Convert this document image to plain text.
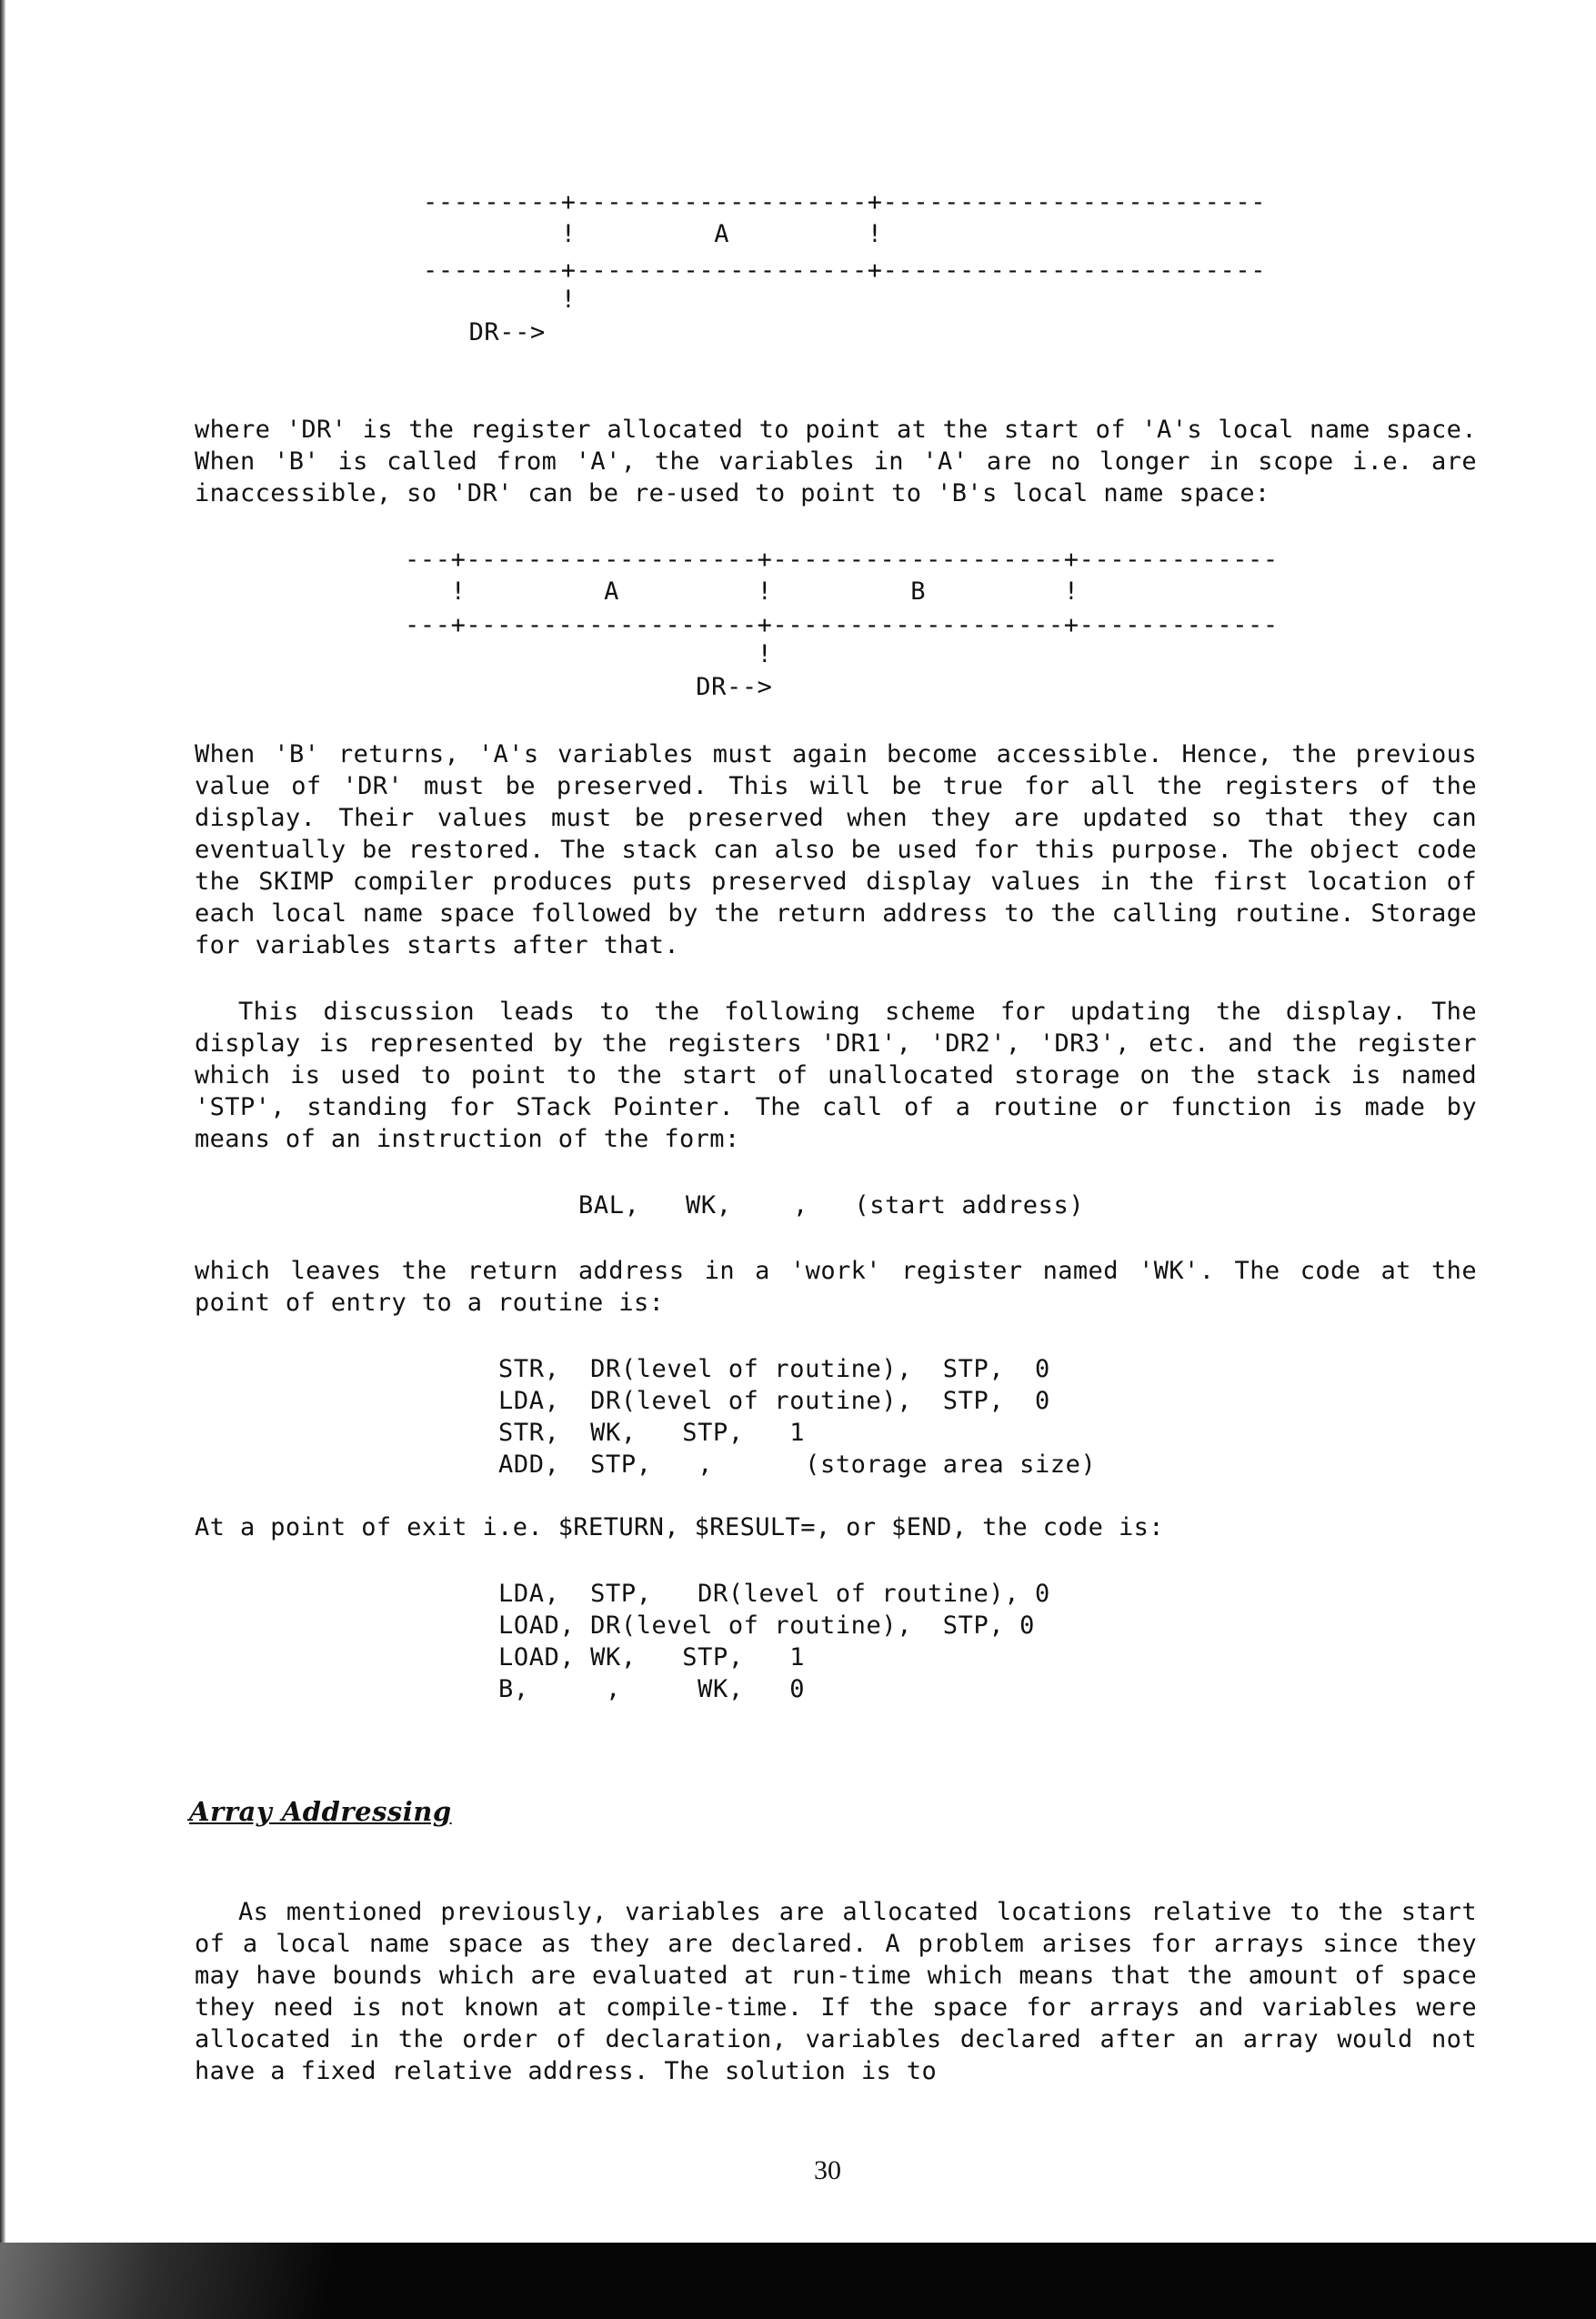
---------+-------------------+-------------------------
!         A         !
---------+-------------------+-------------------------
!
DR-->

where 'DR' is the register allocated to point at the start of 'A's local name space. When 'B' is called from 'A', the variables in 'A' are no longer in scope i.e. are inaccessible, so 'DR' can be re-used to point to 'B's local name space:

---+-------------------+-------------------+-------------
!         A         !         B         !
---+-------------------+-------------------+-------------
!
DR-->

When 'B' returns, 'A's variables must again become accessible. Hence, the previous value of 'DR' must be preserved. This will be true for all the registers of the display. Their values must be preserved when they are updated so that they can eventually be restored. The stack can also be used for this purpose. The object code the SKIMP compiler produces puts preserved display values in the first location of each local name space followed by the return address to the calling routine. Storage for variables starts after that.

This discussion leads to the following scheme for updating the display. The display is represented by the registers 'DR1', 'DR2', 'DR3', etc. and the register which is used to point to the start of unallocated storage on the stack is named 'STP', standing for STack Pointer. The call of a routine or function is made by means of an instruction of the form:

BAL,   WK,    ,   (start address)

which leaves the return address in a 'work' register named 'WK'. The code at the point of entry to a routine is:

STR,  DR(level of routine),  STP,  0
LDA,  DR(level of routine),  STP,  0
STR,  WK,   STP,   1
ADD,  STP,   ,      (storage area size)

At a point of exit i.e. $RETURN, $RESULT=, or $END, the code is:

LDA,  STP,   DR(level of routine), 0
LOAD, DR(level of routine),  STP, 0
LOAD, WK,   STP,   1
B,     ,     WK,   0
Array Addressing

As mentioned previously, variables are allocated locations relative to the start of a local name space as they are declared. A problem arises for arrays since they may have bounds which are evaluated at run-time which means that the amount of space they need is not known at compile-time. If the space for arrays and variables were allocated in the order of declaration, variables declared after an array would not have a fixed relative address. The solution is to

30
